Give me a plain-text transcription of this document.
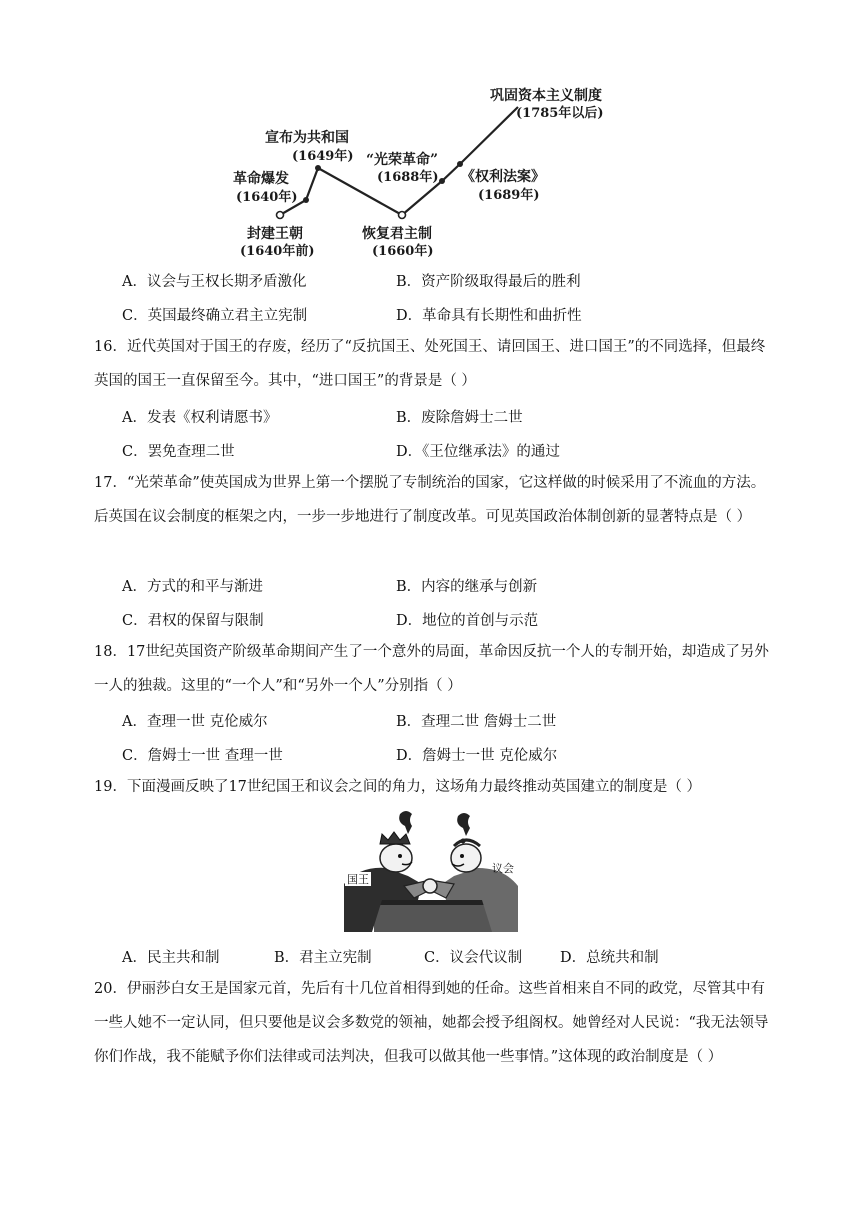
巩固资本主义制度
(1785年以后)
宣布为共和国
(1649年) “光荣革命”
(1688年)
革命爆发
(1640年)
《权利法案》
(1689年)
封建王朝
(1640年前)
恢复君主制
(1660年)
A．议会与王权长期矛盾激化	B．资产阶级取得最后的胜利
C．英国最终确立君主立宪制	D．革命具有长期性和曲折性
16．近代英国对于国王的存废，经历了“反抗国王、处死国王、请回国王、进口国王”的不同选择，但最终英国的国王一直保留至今。其中，“进口国王”的背景是（ ）
A．发表《权利请愿书》	B．废除詹姆士二世
C．罢免查理二世	D．《王位继承法》的通过
17．“光荣革命”使英国成为世界上第一个摆脱了专制统治的国家，它这样做的时候采用了不流血的方法。后英国在议会制度的框架之内，一步一步地进行了制度改革。可见英国政治体制创新的显著特点是（ ）
A．方式的和平与渐进	B．内容的继承与创新
C．君权的保留与限制	D．地位的首创与示范
18．17世纪英国资产阶级革命期间产生了一个意外的局面，革命因反抗一个人的专制开始，却造成了另外一人的独裁。这里的“一个人”和“另外一个人”分别指（ ）
A．查理一世 克伦威尔	B．查理二世 詹姆士二世
C．詹姆士一世 查理一世	D．詹姆士一世 克伦威尔
19．下面漫画反映了17世纪国王和议会之间的角力，这场角力最终推动英国建立的制度是（ ）
国王
议会
A．民主共和制	B．君主立宪制	C．议会代议制	D．总统共和制
20．伊丽莎白女王是国家元首，先后有十几位首相得到她的任命。这些首相来自不同的政党，尽管其中有一些人她不一定认同，但只要他是议会多数党的领袖，她都会授予组阁权。她曾经对人民说：“我无法领导你们作战，我不能赋予你们法律或司法判决，但我可以做其他一些事情。”这体现的政治制度是（ ）
